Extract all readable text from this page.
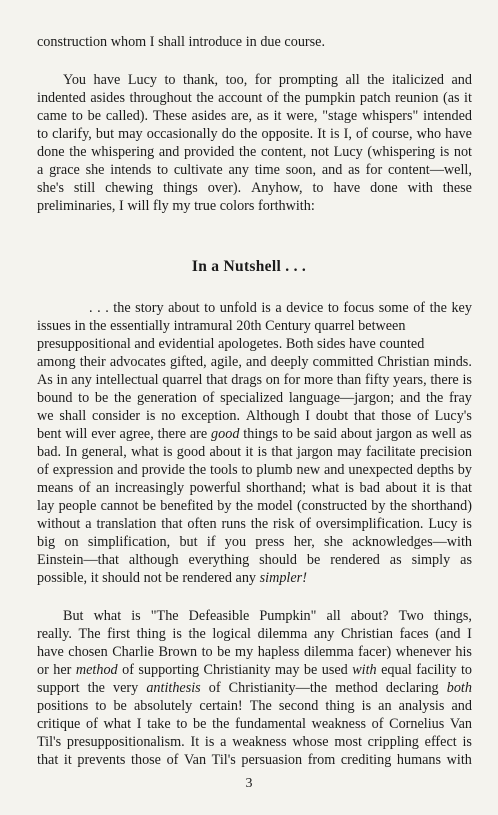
construction whom I shall introduce in due course.
You have Lucy to thank, too, for prompting all the italicized and
indented asides throughout the account of the pumpkin patch reunion (as it
came to be called). These asides are, as it were, "stage whispers" intended
to clarify, but may occasionally do the opposite. It is I, of course, who have
done the whispering and provided the content, not Lucy (whispering is not
a grace she intends to cultivate any time soon, and as for content—well,
she's still chewing things over). Anyhow, to have done with these
preliminaries, I will fly my true colors forthwith:
. . . the story about to unfold is a device to focus some of the key
issues in the essentially intramural 20th Century quarrel between
presuppositional and evidential apologetes. Both sides have counted
among their advocates gifted, agile, and deeply committed Christian minds.
As in any intellectual quarrel that drags on for more than fifty years, there is
bound to be the generation of specialized language—jargon; and the fray
we shall consider is no exception. Although I doubt that those of Lucy's
bent will ever agree, there are good things to be said about jargon as well as
bad. In general, what is good about it is that jargon may facilitate precision
of expression and provide the tools to plumb new and unexpected depths by
means of an increasingly powerful shorthand; what is bad about it is that
lay people cannot be benefited by the model (constructed by the shorthand)
without a translation that often runs the risk of oversimplification. Lucy is
big on simplification, but if you press her, she acknowledges—with
Einstein—that although everything should be rendered as simply as
possible, it should not be rendered any simpler!
But what is "The Defeasible Pumpkin" all about? Two things,
really. The first thing is the logical dilemma any Christian faces (and I
have chosen Charlie Brown to be my hapless dilemma facer) whenever his
or her method of supporting Christianity may be used with equal facility to
support the very antithesis of Christianity—the method declaring both
positions to be absolutely certain! The second thing is an analysis and
critique of what I take to be the fundamental weakness of Cornelius Van
Til's presuppositionalism. It is a weakness whose most crippling effect is
that it prevents those of Van Til's persuasion from crediting humans with
In a Nutshell . . .
3
